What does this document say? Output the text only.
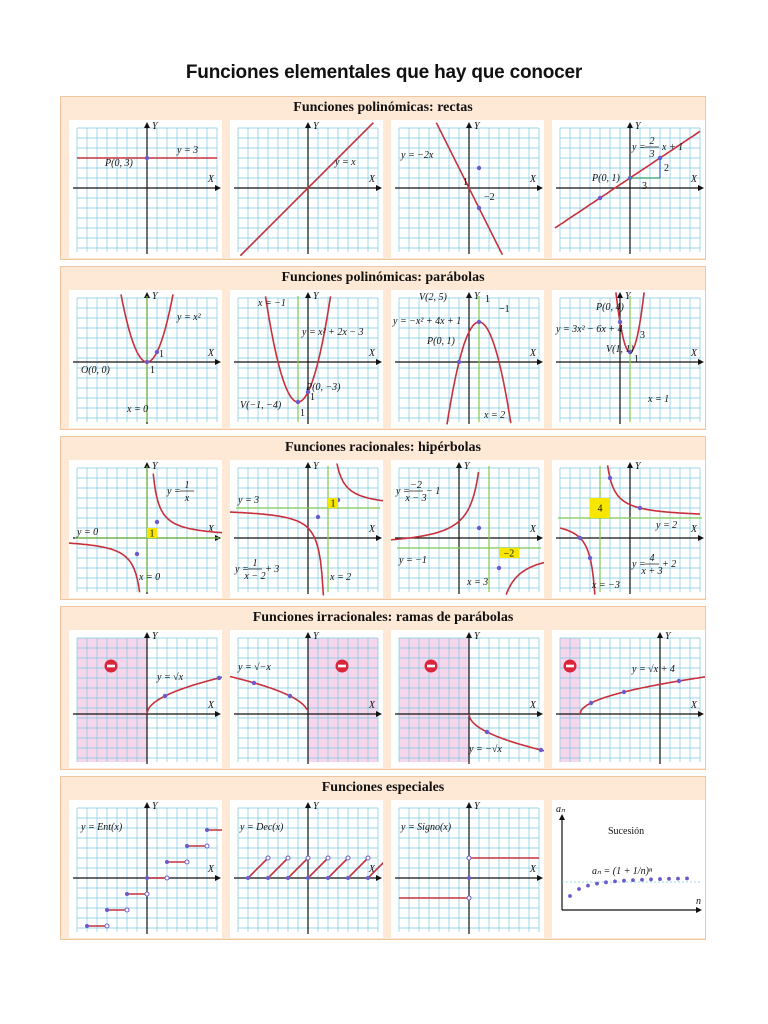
Funciones elementales que hay que conocer
Funciones polinómicas: rectas
X
Y
y = 3
P(0, 3)
X
Y
y = x
X
Y
y = −2x
1
−2
X
Y
y =
2
3
x + 1
P(0, 1)
2
3
Funciones polinómicas: parábolas
X
Y
y = x²
O(0, 0)
1
1
x = 0
X
Y
y = x² + 2x − 3
P(0, −3)
V(−1, −4)
x = −1
1
1
X
Y
V(2, 5)
y = −x² + 4x + 1
P(0, 1)
1
−1
x = 2
X
Y
P(0, 4)
y = 3x² − 6x + 4
V(1, 1)
3
1
x = 1
Funciones racionales: hipérbolas
X
Y
1
y =
1
x
y = 0
x = 0
X
Y
1
y = 3
y =
1
x − 2
+ 3
x = 2
X
Y
−2
y =
−2
x − 3
− 1
y = −1
x = 3
X
Y
4
y = 2
y =
4
x + 3
+ 2
x = −3
Funciones irracionales: ramas de parábolas
X
Y
y = √x
X
Y
y = √−x
X
Y
y = −√x
X
Y
y = √x + 4
Funciones especiales
X
Y
y = Ent(x)
X
Y
y = Dec(x)
X
Y
y = Signo(x)
aₙ
n
Sucesión
aₙ = (1 + 1/n)ⁿ
